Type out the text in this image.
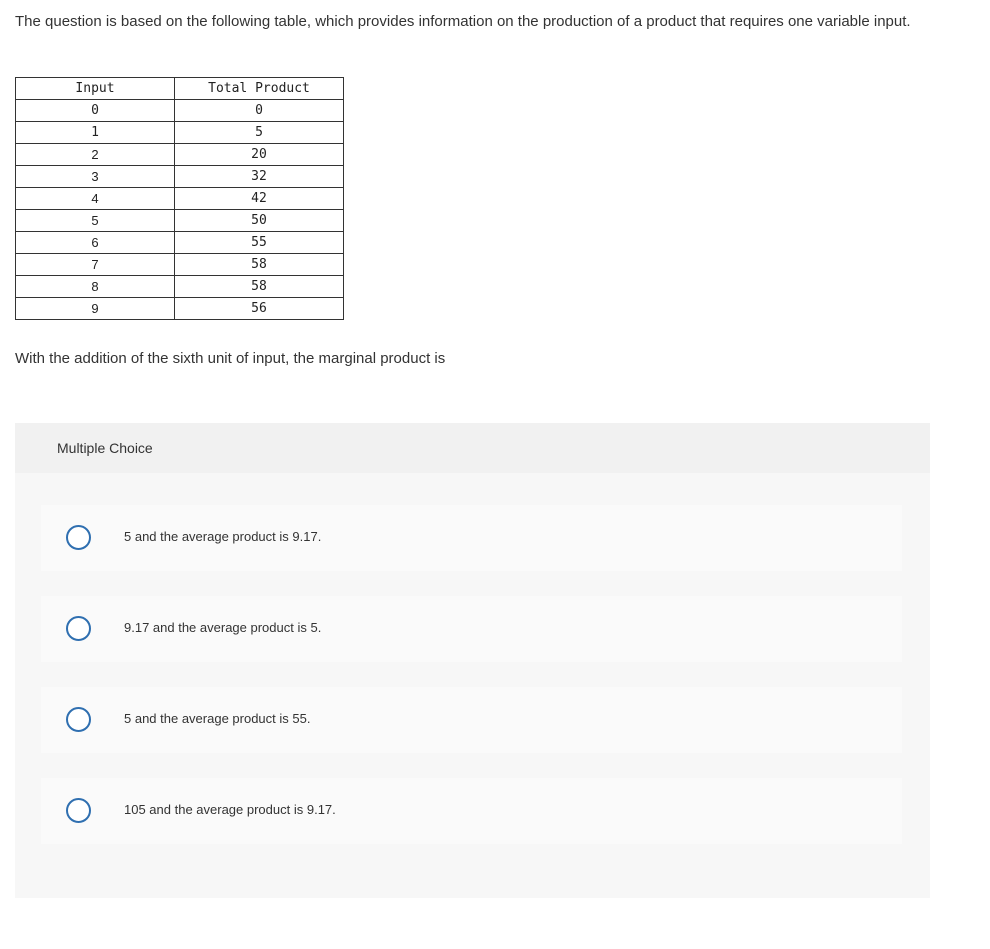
The question is based on the following table, which provides information on the production of a product that requires one variable input.
Input	Total Product
0	0
1	5
2	20
3	32
4	42
5	50
6	55
7	58
8	58
9	56
With the addition of the sixth unit of input, the marginal product is
Multiple Choice
5 and the average product is 9.17.
9.17 and the average product is 5.
5 and the average product is 55.
105 and the average product is 9.17.
